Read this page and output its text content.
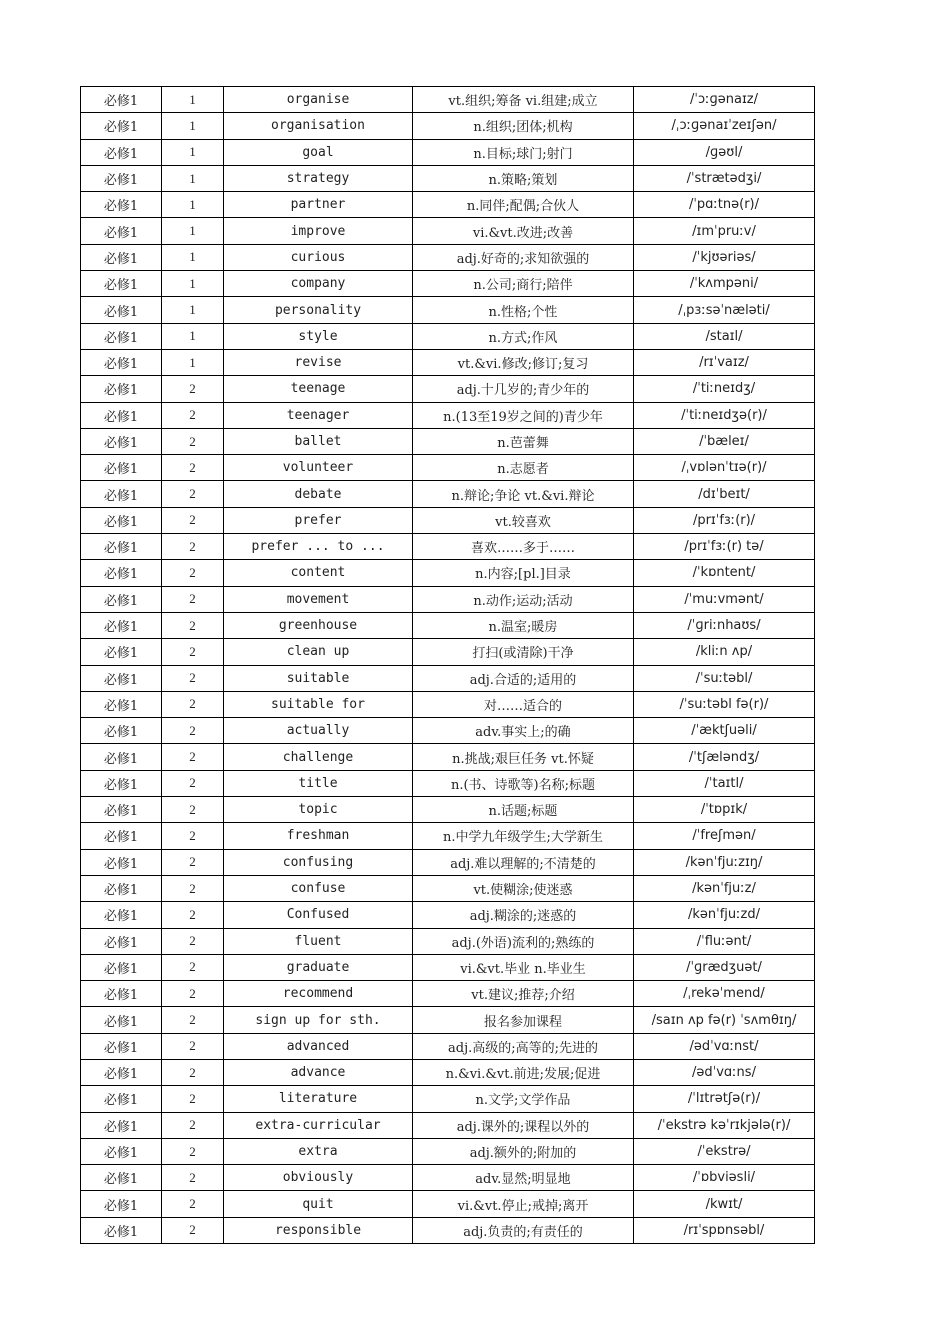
必修1	1	organise	vt.组织;筹备 vi.组建;成立	/ˈɔːɡənaɪz/
必修1	1	organisation	n.组织;团体;机构	/ˌɔːɡənaɪˈzeɪʃən/
必修1	1	goal	n.目标;球门;射门	/ɡəʊl/
必修1	1	strategy	n.策略;策划	/ˈstrætədʒi/
必修1	1	partner	n.同伴;配偶;合伙人	/ˈpɑːtnə(r)/
必修1	1	improve	vi.&vt.改进;改善	/ɪmˈpruːv/
必修1	1	curious	adj.好奇的;求知欲强的	/ˈkjʊəriəs/
必修1	1	company	n.公司;商行;陪伴	/ˈkʌmpəni/
必修1	1	personality	n.性格;个性	/ˌpɜːsəˈnæləti/
必修1	1	style	n.方式;作风	/staɪl/
必修1	1	revise	vt.&vi.修改;修订;复习	/rɪˈvaɪz/
必修1	2	teenage	adj.十几岁的;青少年的	/ˈtiːneɪdʒ/
必修1	2	teenager	n.(13至19岁之间的)青少年	/ˈtiːneɪdʒə(r)/
必修1	2	ballet	n.芭蕾舞	/ˈbæleɪ/
必修1	2	volunteer	n.志愿者	/ˌvɒlənˈtɪə(r)/
必修1	2	debate	n.辩论;争论 vt.&vi.辩论	/dɪˈbeɪt/
必修1	2	prefer	vt.较喜欢	/prɪˈfɜː(r)/
必修1	2	prefer ... to ...	喜欢……多于……	/prɪˈfɜː(r) tə/
必修1	2	content	n.内容;[pl.]目录	/ˈkɒntent/
必修1	2	movement	n.动作;运动;活动	/ˈmuːvmənt/
必修1	2	greenhouse	n.温室;暖房	/ˈɡriːnhaʊs/
必修1	2	clean up	打扫(或清除)干净	/kliːn ʌp/
必修1	2	suitable	adj.合适的;适用的	/ˈsuːtəbl/
必修1	2	suitable for	对……适合的	/ˈsuːtəbl fə(r)/
必修1	2	actually	adv.事实上;的确	/ˈæktʃuəli/
必修1	2	challenge	n.挑战;艰巨任务 vt.怀疑	/ˈtʃæləndʒ/
必修1	2	title	n.(书、诗歌等)名称;标题	/ˈtaɪtl/
必修1	2	topic	n.话题;标题	/ˈtɒpɪk/
必修1	2	freshman	n.中学九年级学生;大学新生	/ˈfreʃmən/
必修1	2	confusing	adj.难以理解的;不清楚的	/kənˈfjuːzɪŋ/
必修1	2	confuse	vt.使糊涂;使迷惑	/kənˈfjuːz/
必修1	2	Confused	adj.糊涂的;迷惑的	/kənˈfjuːzd/
必修1	2	fluent	adj.(外语)流利的;熟练的	/ˈfluːənt/
必修1	2	graduate	vi.&vt.毕业 n.毕业生	/ˈɡrædʒuət/
必修1	2	recommend	vt.建议;推荐;介绍	/ˌrekəˈmend/
必修1	2	sign up for sth.	报名参加课程	/saɪn ʌp fə(r) ˈsʌmθɪŋ/
必修1	2	advanced	adj.高级的;高等的;先进的	/ədˈvɑːnst/
必修1	2	advance	n.&vi.&vt.前进;发展;促进	/ədˈvɑːns/
必修1	2	literature	n.文学;文学作品	/ˈlɪtrətʃə(r)/
必修1	2	extra-curricular	adj.课外的;课程以外的	/ˈekstrə kəˈrɪkjələ(r)/
必修1	2	extra	adj.额外的;附加的	/ˈekstrə/
必修1	2	obviously	adv.显然;明显地	/ˈɒbviəsli/
必修1	2	quit	vi.&vt.停止;戒掉;离开	/kwɪt/
必修1	2	responsible	adj.负责的;有责任的	/rɪˈspɒnsəbl/
